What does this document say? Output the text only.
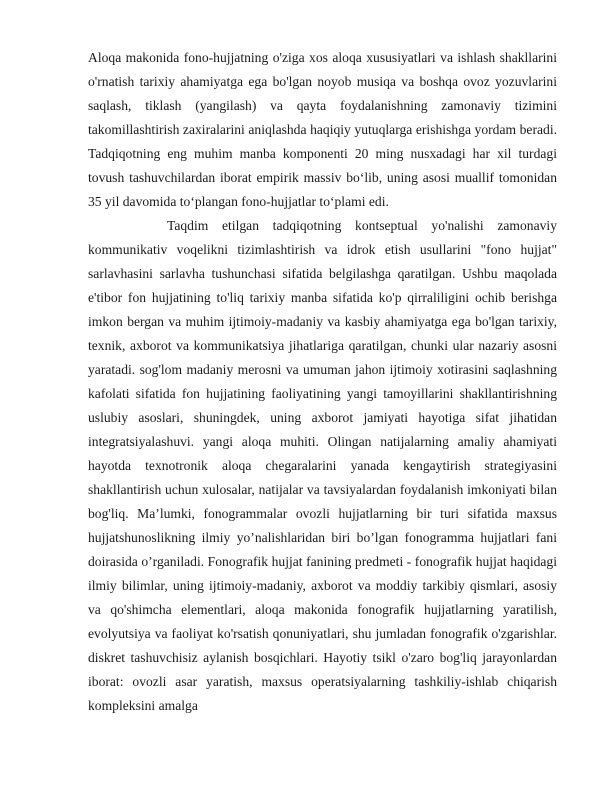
Aloqa makonida fono-hujjatning o'ziga xos aloqa xususiyatlari va ishlash shakllarini o'rnatish tarixiy ahamiyatga ega bo'lgan noyob musiqa va boshqa ovoz yozuvlarini saqlash, tiklash (yangilash) va qayta foydalanishning zamonaviy tizimini takomillashtirish zaxiralarini aniqlashda haqiqiy yutuqlarga erishishga yordam beradi. Tadqiqotning eng muhim manba komponenti 20 ming nusxadagi har xil turdagi tovush tashuvchilardan iborat empirik massiv bo‘lib, uning asosi muallif tomonidan 35 yil davomida to‘plangan fono-hujjatlar to‘plami edi.

Taqdim etilgan tadqiqotning kontseptual yo'nalishi zamonaviy kommunikativ voqelikni tizimlashtirish va idrok etish usullarini "fono hujjat" sarlavhasini sarlavha tushunchasi sifatida belgilashga qaratilgan. Ushbu maqolada e'tibor fon hujjatining to'liq tarixiy manba sifatida ko'p qirraliligini ochib berishga imkon bergan va muhim ijtimoiy-madaniy va kasbiy ahamiyatga ega bo'lgan tarixiy, texnik, axborot va kommunikatsiya jihatlariga qaratilgan, chunki ular nazariy asosni yaratadi. sog'lom madaniy merosni va umuman jahon ijtimoiy xotirasini saqlashning kafolati sifatida fon hujjatining faoliyatining yangi tamoyillarini shakllantirishning uslubiy asoslari, shuningdek, uning axborot jamiyati hayotiga sifat jihatidan integratsiyalashuvi. yangi aloqa muhiti. Olingan natijalarning amaliy ahamiyati hayotda texnotronik aloqa chegaralarini yanada kengaytirish strategiyasini shakllantirish uchun xulosalar, natijalar va tavsiyalardan foydalanish imkoniyati bilan bog'liq. Ma’lumki, fonogrammalar ovozli hujjatlarning bir turi sifatida maxsus hujjatshunoslikning ilmiy yo’nalishlaridan biri bo’lgan fonogramma hujjatlari fani doirasida o’rganiladi. Fonografik hujjat fanining predmeti - fonografik hujjat haqidagi ilmiy bilimlar, uning ijtimoiy-madaniy, axborot va moddiy tarkibiy qismlari, asosiy va qo'shimcha elementlari, aloqa makonida fonografik hujjatlarning yaratilish, evolyutsiya va faoliyat ko'rsatish qonuniyatlari, shu jumladan fonografik o'zgarishlar. diskret tashuvchisiz aylanish bosqichlari. Hayotiy tsikl o'zaro bog'liq jarayonlardan iborat: ovozli asar yaratish, maxsus operatsiyalarning tashkiliy-ishlab chiqarish kompleksini amalga
